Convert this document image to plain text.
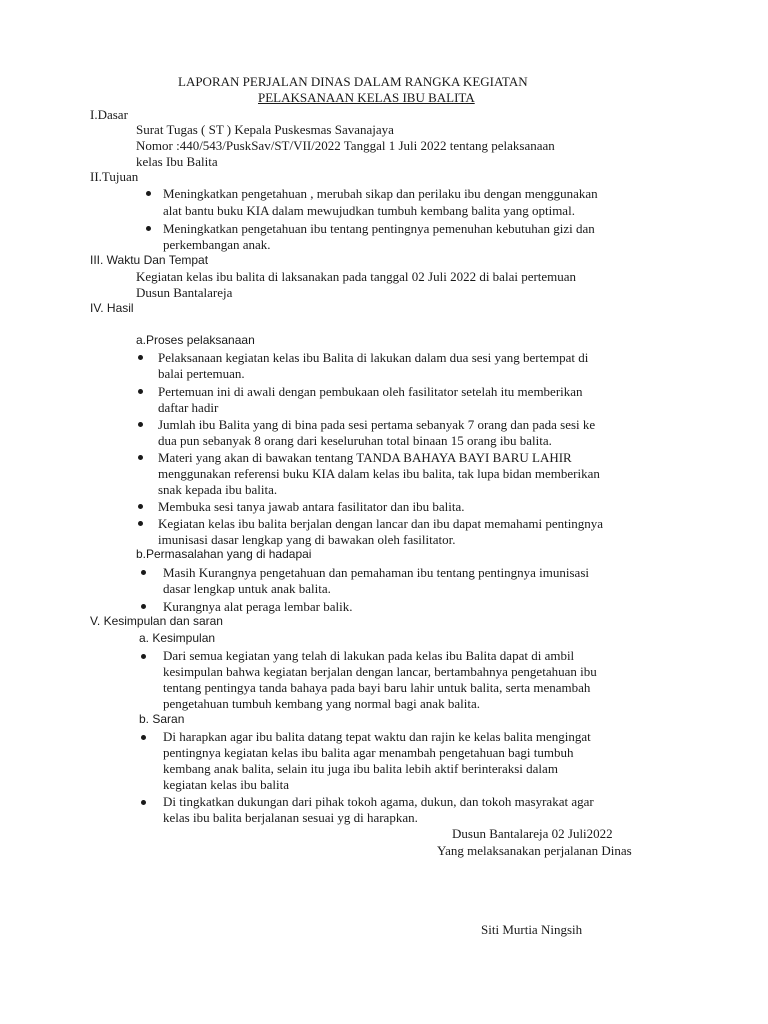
LAPORAN PERJALAN DINAS DALAM RANGKA KEGIATAN
PELAKSANAAN KELAS IBU BALITA
I.Dasar
Surat Tugas ( ST ) Kepala Puskesmas Savanajaya
Nomor :440/543/PuskSav/ST/VII/2022 Tanggal 1 Juli 2022 tentang pelaksanaan
kelas Ibu Balita
II.Tujuan
Meningkatkan pengetahuan , merubah sikap dan perilaku ibu dengan menggunakan
alat bantu buku KIA dalam mewujudkan tumbuh kembang balita yang optimal.
Meningkatkan pengetahuan ibu tentang pentingnya pemenuhan kebutuhan gizi dan
perkembangan anak.
III. Waktu Dan Tempat
Kegiatan kelas ibu balita di laksanakan pada tanggal 02 Juli 2022 di balai pertemuan
Dusun Bantalareja
IV. Hasil
a.Proses pelaksanaan
Pelaksanaan kegiatan kelas ibu Balita di lakukan dalam dua sesi yang bertempat di
balai pertemuan.
Pertemuan ini di awali dengan pembukaan oleh fasilitator setelah itu memberikan
daftar hadir
Jumlah ibu Balita yang di bina pada sesi pertama sebanyak 7 orang dan pada sesi ke
dua pun sebanyak 8 orang dari keseluruhan total binaan 15 orang ibu balita.
Materi yang akan di bawakan tentang TANDA BAHAYA BAYI BARU LAHIR
menggunakan referensi buku KIA dalam kelas ibu balita, tak lupa bidan memberikan
snak kepada ibu balita.
Membuka sesi tanya jawab antara fasilitator dan ibu balita.
Kegiatan kelas ibu balita berjalan dengan lancar dan ibu dapat memahami pentingnya
imunisasi dasar lengkap yang di bawakan oleh fasilitator.
b.Permasalahan yang di hadapai
Masih Kurangnya pengetahuan dan pemahaman ibu tentang pentingnya imunisasi
dasar lengkap untuk anak balita.
Kurangnya alat peraga lembar balik.
V. Kesimpulan dan saran
a. Kesimpulan
Dari semua kegiatan yang telah di lakukan pada kelas ibu Balita dapat di ambil
kesimpulan bahwa kegiatan berjalan dengan lancar, bertambahnya pengetahuan ibu
tentang pentingya tanda bahaya pada bayi baru lahir untuk balita, serta menambah
pengetahuan tumbuh kembang yang normal bagi anak balita.
b. Saran
Di harapkan agar ibu balita datang tepat waktu dan rajin ke kelas balita mengingat
pentingnya kegiatan kelas ibu balita agar menambah pengetahuan bagi tumbuh
kembang anak balita, selain itu juga ibu balita lebih aktif berinteraksi dalam
kegiatan kelas ibu balita
Di tingkatkan dukungan dari pihak tokoh agama, dukun, dan tokoh masyrakat agar
kelas ibu balita berjalanan sesuai yg di harapkan.
Dusun Bantalareja 02 Juli2022
Yang melaksanakan perjalanan Dinas
Siti Murtia Ningsih
